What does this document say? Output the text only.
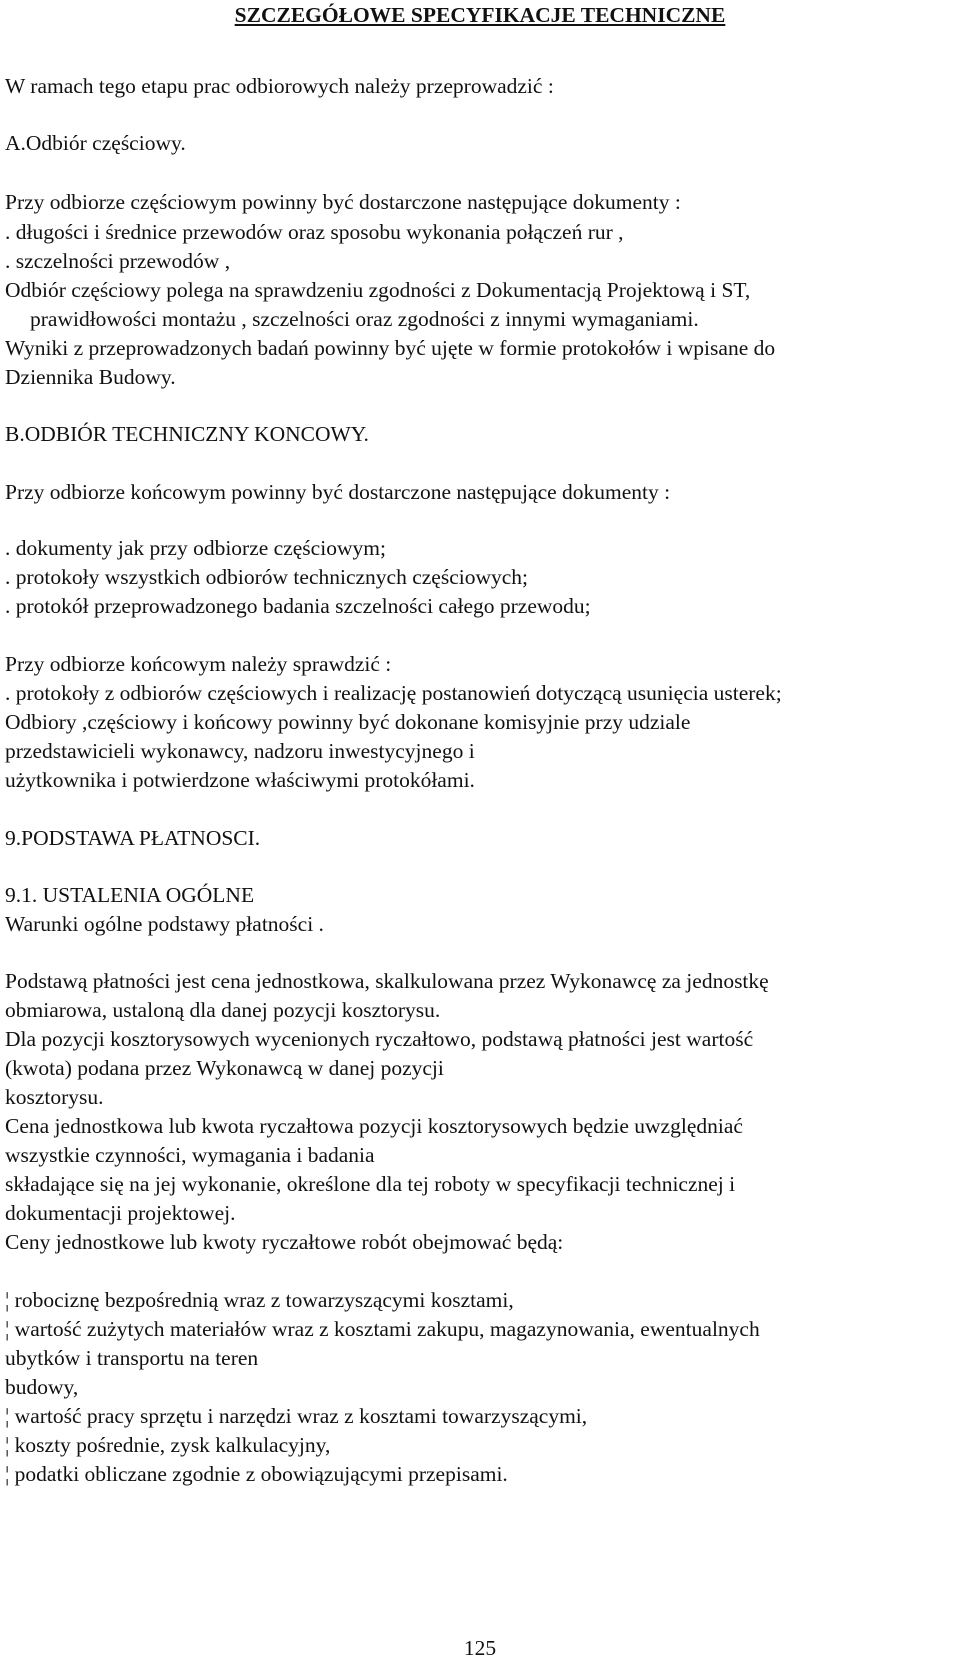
SZCZEGÓŁOWE SPECYFIKACJE TECHNICZNE
W ramach tego etapu prac odbiorowych należy przeprowadzić :
A.Odbiór częściowy.
Przy odbiorze częściowym powinny być dostarczone następujące dokumenty :
. długości i średnice przewodów oraz sposobu wykonania połączeń rur ,
. szczelności przewodów ,
Odbiór częściowy polega na sprawdzeniu zgodności z Dokumentacją Projektową i ST,
prawidłowości montażu , szczelności oraz zgodności z innymi wymaganiami.
Wyniki z przeprowadzonych badań powinny być ujęte w formie protokołów i wpisane do
Dziennika Budowy.
B.ODBIÓR TECHNICZNY KONCOWY.
Przy odbiorze końcowym powinny być dostarczone następujące dokumenty :
. dokumenty jak przy odbiorze częściowym;
. protokoły wszystkich odbiorów technicznych częściowych;
. protokół przeprowadzonego badania szczelności całego przewodu;
Przy odbiorze końcowym należy sprawdzić :
. protokoły z odbiorów częściowych i realizację postanowień dotyczącą usunięcia usterek;
Odbiory ,częściowy i końcowy powinny być dokonane komisyjnie przy udziale
przedstawicieli wykonawcy, nadzoru inwestycyjnego i
użytkownika i potwierdzone właściwymi protokółami.
9.PODSTAWA PŁATNOSCI.
9.1. USTALENIA OGÓLNE
Warunki ogólne podstawy płatności .
Podstawą płatności jest cena jednostkowa, skalkulowana przez Wykonawcę za jednostkę
obmiarowa, ustaloną dla danej pozycji kosztorysu.
Dla pozycji kosztorysowych wycenionych ryczałtowo, podstawą płatności jest wartość
(kwota) podana przez Wykonawcą w danej pozycji
kosztorysu.
Cena jednostkowa lub kwota ryczałtowa pozycji kosztorysowych będzie uwzględniać
wszystkie czynności, wymagania i badania
składające się na jej wykonanie, określone dla tej roboty w specyfikacji technicznej i
dokumentacji projektowej.
Ceny jednostkowe lub kwoty ryczałtowe robót obejmować będą:
¦ robociznę bezpośrednią wraz z towarzyszącymi kosztami,
¦ wartość zużytych materiałów wraz z kosztami zakupu, magazynowania, ewentualnych
ubytków i transportu na teren
budowy,
¦ wartość pracy sprzętu i narzędzi wraz z kosztami towarzyszącymi,
¦ koszty pośrednie, zysk kalkulacyjny,
¦ podatki obliczane zgodnie z obowiązującymi przepisami.
125
